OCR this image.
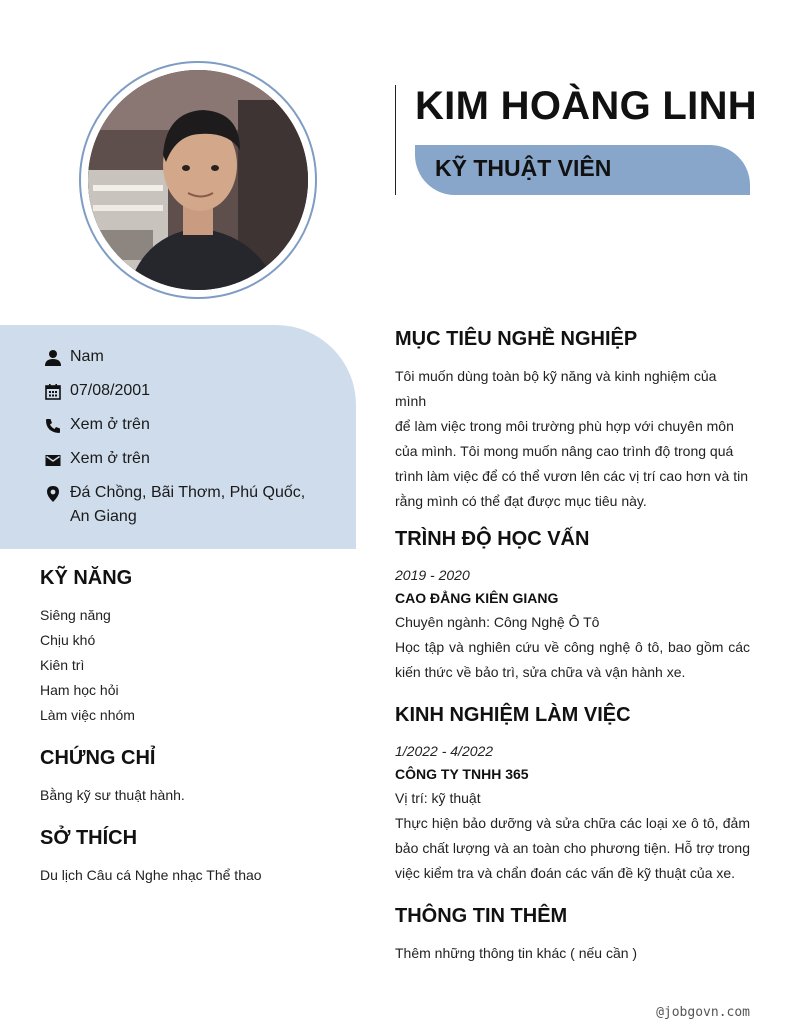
KIM HOÀNG LINH
KỸ THUẬT VIÊN
Nam
07/08/2001
Xem ở trên
Xem ở trên
Đá Chồng, Bãi Thơm, Phú Quốc,
An Giang
KỸ NĂNG
Siêng năng
Chịu khó
Kiên trì
Ham học hỏi
Làm việc nhóm
CHỨNG CHỈ
Bằng kỹ sư thuật hành.
SỞ THÍCH
Du lịch Câu cá Nghe nhạc Thể thao
MỤC TIÊU NGHỀ NGHIỆP
Tôi muốn dùng toàn bộ kỹ năng và kinh nghiệm của mình
để làm việc trong môi trường phù hợp với chuyên môn
của mình. Tôi mong muốn nâng cao trình độ trong quá
trình làm việc để có thể vươn lên các vị trí cao hơn và tin
rằng mình có thể đạt được mục tiêu này.
TRÌNH ĐỘ HỌC VẤN
2019 - 2020
CAO ĐẲNG KIÊN GIANG
Chuyên ngành: Công Nghệ Ô Tô
Học tập và nghiên cứu về công nghệ ô tô, bao gồm các kiến thức về bảo trì, sửa chữa và vận hành xe.
KINH NGHIỆM LÀM VIỆC
1/2022 - 4/2022
CÔNG TY TNHH 365
Vị trí: kỹ thuật
Thực hiện bảo dưỡng và sửa chữa các loại xe ô tô, đảm bảo chất lượng và an toàn cho phương tiện. Hỗ trợ trong việc kiểm tra và chẩn đoán các vấn đề kỹ thuật của xe.
THÔNG TIN THÊM
Thêm những thông tin khác ( nếu cần )
@jobgovn.com
